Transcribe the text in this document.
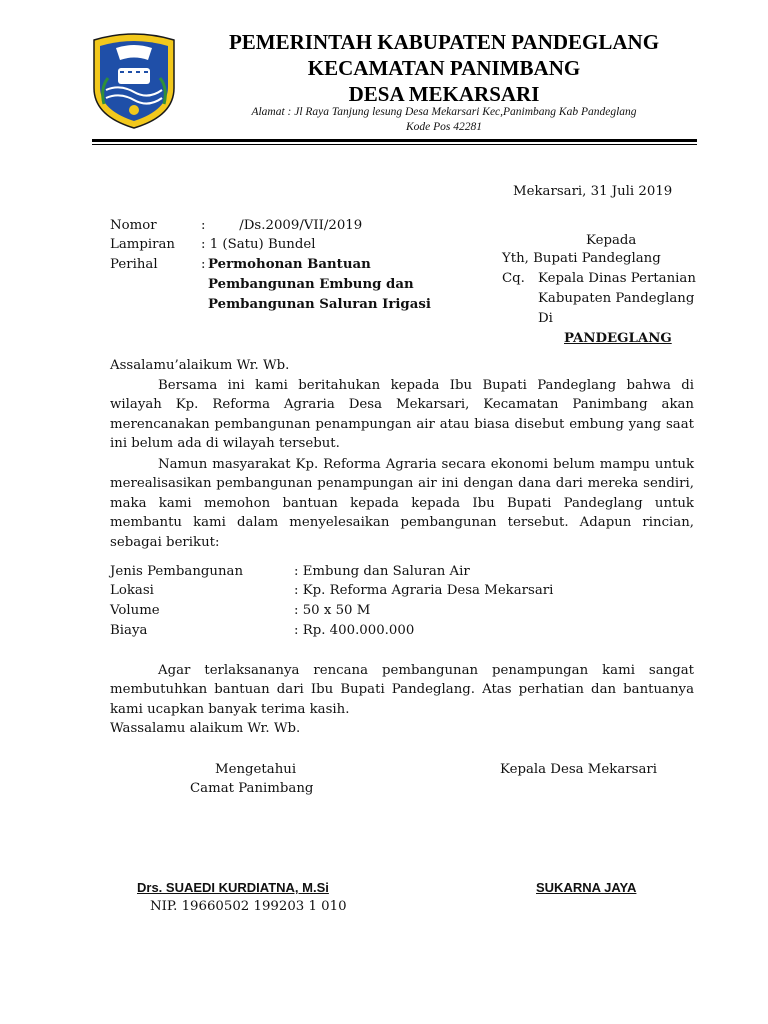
PEMERINTAH KABUPATEN PANDEGLANG
KECAMATAN PANIMBANG
DESA MEKARSARI
Alamat : Jl Raya Tanjung lesung Desa Mekarsari Kec,Panimbang Kab Pandeglang
Kode Pos 42281
Mekarsari, 31 Juli 2019
Nomor	:        /Ds.2009/VII/2019
Lampiran : 1 (Satu) Bundel
Perihal	: Permohonan Bantuan
Pembangunan Embung dan
Pembangunan Saluran Irigasi
Kepada
Yth, Bupati Pandeglang
Cq. Kepala Dinas Pertanian
Kabupaten Pandeglang
Di
PANDEGLANG
Assalamu’alaikum Wr. Wb.
Bersama ini kami beritahukan kepada Ibu Bupati Pandeglang bahwa di wilayah Kp. Reforma Agraria Desa Mekarsari, Kecamatan Panimbang akan merencanakan pembangunan penampungan air atau biasa disebut embung yang saat ini belum ada di wilayah tersebut.
Namun masyarakat Kp. Reforma Agraria secara ekonomi belum mampu untuk merealisasikan pembangunan penampungan air ini dengan dana dari mereka sendiri, maka kami memohon bantuan kepada kepada Ibu Bupati Pandeglang untuk membantu kami dalam menyelesaikan pembangunan tersebut. Adapun rincian, sebagai berikut:
Jenis Pembangunan	: Embung dan Saluran Air
Lokasi	: Kp. Reforma Agraria Desa Mekarsari
Volume	: 50 x 50 M
Biaya	: Rp. 400.000.000
Agar terlaksananya rencana pembangunan penampungan kami sangat membutuhkan bantuan dari Ibu Bupati Pandeglang. Atas perhatian dan bantuanya kami ucapkan banyak terima kasih.
Wassalamu alaikum Wr. Wb.
Mengetahui
Camat Panimbang
Kepala Desa Mekarsari
Drs. SUAEDI KURDIATNA, M.Si
NIP. 19660502 199203 1 010
SUKARNA JAYA
